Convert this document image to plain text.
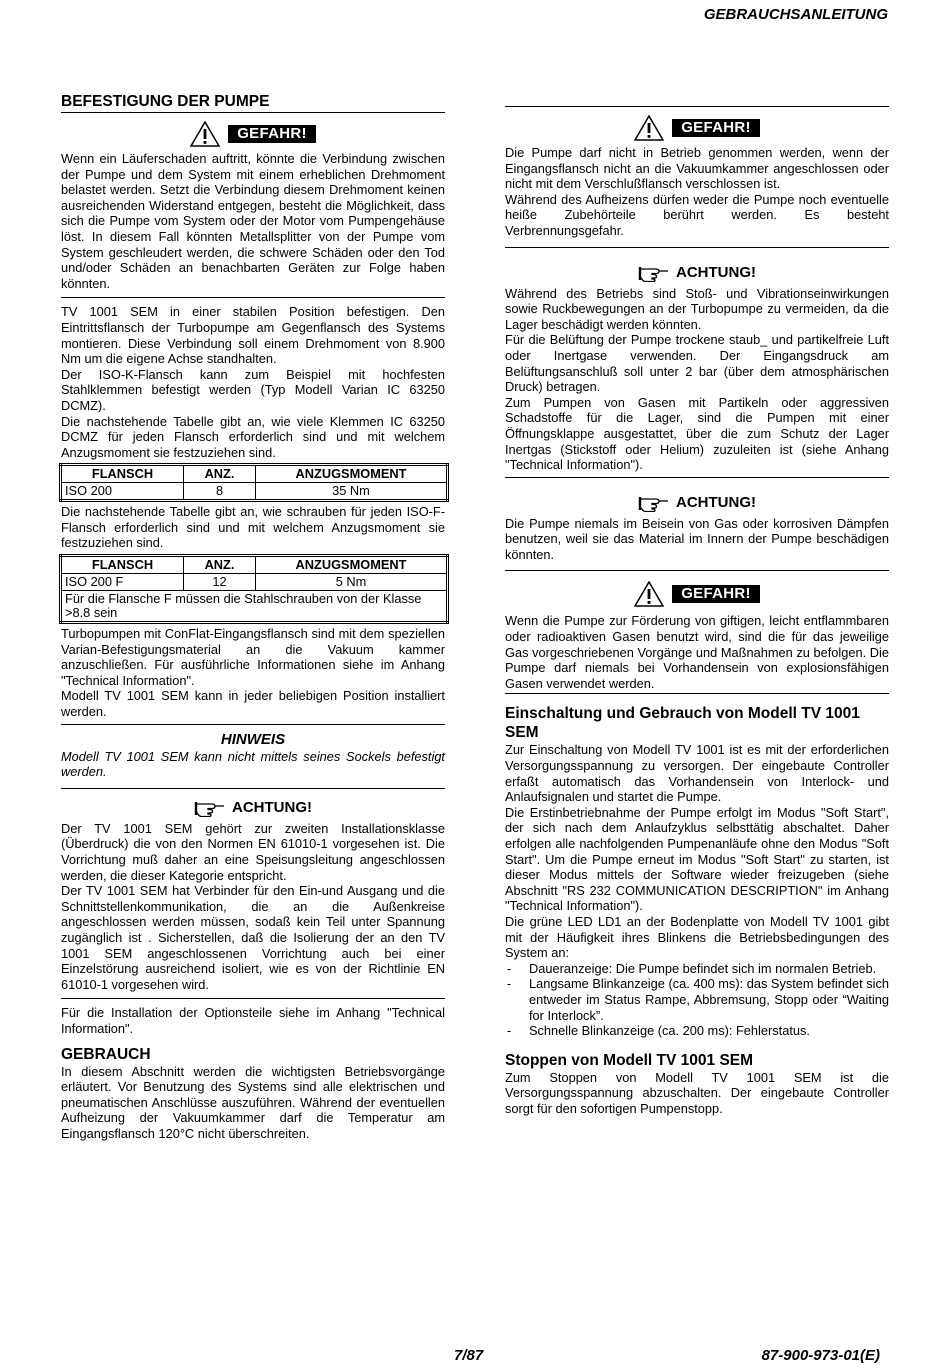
GEBRAUCHSANLEITUNG
BEFESTIGUNG DER PUMPE
GEFAHR!

Wenn ein Läuferschaden auftritt, könnte die Verbindung zwischen der Pumpe und dem System mit einem erheblichen Drehmoment belastet werden. Setzt die Verbindung diesem Drehmoment keinen ausreichenden Widerstand entgegen, besteht die Möglichkeit, dass sich die Pumpe vom System oder der Motor vom Pumpengehäuse löst. In diesem Fall könnten Metallsplitter von der Pumpe vom System geschleudert werden, die schwere Schäden oder den Tod und/oder Schäden an benachbarten Geräten zur Folge haben könnten.

TV 1001 SEM in einer stabilen Position befestigen. Den Eintrittsflansch der Turbopumpe am Gegenflansch des Systems montieren. Diese Verbindung soll einem Drehmoment von 8.900 Nm um die eigene Achse standhalten.

Der ISO-K-Flansch kann zum Beispiel mit hochfesten Stahlklemmen befestigt werden (Typ Modell Varian IC 63250 DCMZ).

Die nachstehende Tabelle gibt an, wie viele Klemmen IC 63250 DCMZ für jeden Flansch erforderlich sind und mit welchem Anzugsmoment sie festzuziehen sind.

FLANSCH	ANZ.	ANZUGSMOMENT
ISO 200	8	35 Nm

Die nachstehende Tabelle gibt an, wie schrauben für jeden ISO-F-Flansch erforderlich sind und mit welchem Anzugsmoment sie festzuziehen sind.

FLANSCH	ANZ.	ANZUGSMOMENT
ISO 200 F	12	5 Nm
Für die Flansche F müssen die Stahlschrauben von der Klasse >8.8 sein		

Turbopumpen mit ConFlat-Eingangsflansch sind mit dem speziellen Varian-Befestigungsmaterial an die Vakuum kammer anzuschließen. Für ausführliche Informationen siehe im Anhang "Technical Information".

Modell TV 1001 SEM kann in jeder beliebigen Position installiert werden.

HINWEIS

Modell TV 1001 SEM kann nicht mittels seines Sockels befestigt werden.

ACHTUNG!

Der TV 1001 SEM gehört zur zweiten Installationsklasse (Überdruck) die von den Normen EN 61010-1 vorgesehen ist. Die Vorrichtung muß daher an eine Speisungsleitung angeschlossen werden, die dieser Kategorie entspricht.

Der TV 1001 SEM hat Verbinder für den Ein-und Ausgang und die Schnittstellenkommunikation, die an die Außenkreise angeschlossen werden müssen, sodaß kein Teil unter Spannung zugänglich ist . Sicherstellen, daß die Isolierung der an den TV 1001 SEM angeschlossenen Vorrichtung auch bei einer Einzelstörung ausreichend isoliert, wie es von der Richtlinie EN 61010-1 vorgesehen wird.

Für die Installation der Optionsteile siehe im Anhang "Technical Information".

GEBRAUCH

In diesem Abschnitt werden die wichtigsten Betriebsvorgänge erläutert. Vor Benutzung des Systems sind alle elektrischen und pneumatischen Anschlüsse auszuführen. Während der eventuellen Aufheizung der Vakuumkammer darf die Temperatur am Eingangsflansch 120°C nicht überschreiten.

GEFAHR!

Die Pumpe darf nicht in Betrieb genommen werden, wenn der Eingangsflansch nicht an die Vakuumkammer angeschlossen oder nicht mit dem Verschlußflansch verschlossen ist.

Während des Aufheizens dürfen weder die Pumpe noch eventuelle heiße Zubehörteile berührt werden. Es besteht Verbrennungsgefahr.

ACHTUNG!

Während des Betriebs sind Stoß- und Vibrationseinwirkungen sowie Ruckbewegungen an der Turbopumpe zu vermeiden, da die Lager beschädigt werden könnten.

Für die Belüftung der Pumpe trockene staub_ und partikelfreie Luft oder Inertgase verwenden. Der Eingangsdruck am Belüftungsanschluß soll unter 2 bar (über dem atmosphärischen Druck) betragen.

Zum Pumpen von Gasen mit Partikeln oder aggressiven Schadstoffe für die Lager, sind die Pumpen mit einer Öffnungsklappe ausgestattet, über die zum Schutz der Lager Inertgas (Stickstoff oder Helium) zuzuleiten ist (siehe Anhang "Technical Information").

ACHTUNG!

Die Pumpe niemals im Beisein von Gas oder korrosiven Dämpfen benutzen, weil sie das Material im Innern der Pumpe beschädigen könnten.

GEFAHR!

Wenn die Pumpe zur Förderung von giftigen, leicht entflammbaren oder radioaktiven Gasen benutzt wird, sind die für das jeweilige Gas vorgeschriebenen Vorgänge und Maßnahmen zu befolgen. Die Pumpe darf niemals bei Vorhandensein von explosionsfähigen Gasen verwendet werden.

Einschaltung und Gebrauch von Modell TV 1001 SEM

Zur Einschaltung von Modell TV 1001 ist es mit der erforderlichen Versorgungsspannung zu versorgen. Der eingebaute Controller erfaßt automatisch das Vorhandensein von Interlock- und Anlaufsignalen und startet die Pumpe.

Die Erstinbetriebnahme der Pumpe erfolgt im Modus "Soft Start", der sich nach dem Anlaufzyklus selbsttätig abschaltet. Daher erfolgen alle nachfolgenden Pumpenanläufe ohne den Modus "Soft Start". Um die Pumpe erneut im Modus "Soft Start" zu starten, ist dieser Modus mittels der Software wieder freizugeben (siehe Abschnitt "RS 232 COMMUNICATION DESCRIPTION" im Anhang "Technical Information").

Die grüne LED LD1 an der Bodenplatte von Modell TV 1001 gibt mit der Häufigkeit ihres Blinkens die Betriebsbedingungen des System an:

- Daueranzeige: Die Pumpe befindet sich im normalen Betrieb.
- Langsame Blinkanzeige (ca. 400 ms): das System befindet sich entweder im Status Rampe, Abbremsung, Stopp oder “Waiting for Interlock”.
- Schnelle Blinkanzeige (ca. 200 ms): Fehlerstatus.
Stoppen von Modell TV 1001 SEM

Zum Stoppen von Modell TV 1001 SEM ist die Versorgungsspannung abzuschalten. Der eingebaute Controller sorgt für den sofortigen Pumpenstopp.

7/87	87-900-973-01(E)
